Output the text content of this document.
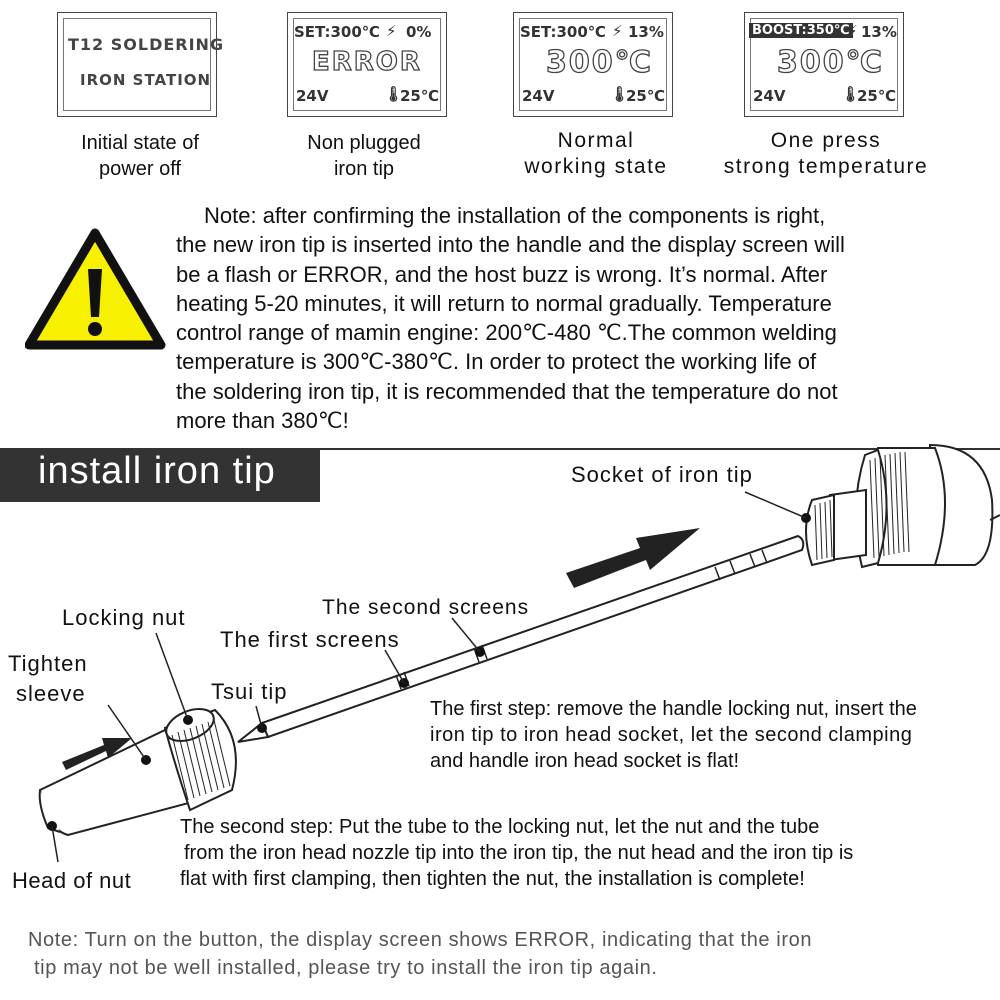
T12 SOLDERING
IRON STATION
Initial state of
power off
SET:300℃ ⚡ 0%
ERROR
24V	🌡
25℃
Non plugged
iron tip
SET:300℃ ⚡ 13%
300℃
24V	🌡
25℃
Normal
working state
BOOST:350℃
⚡ 13%
300℃
24V	🌡
25℃
One press
strong temperature
Note: after confirming the installation of the components is right,
the new iron tip is inserted into the handle and the display screen will
be a flash or ERROR, and the host buzz is wrong. It’s normal. After
heating 5-20 minutes, it will return to normal gradually. Temperature
control range of mamin engine: 200℃-480 ℃.The common welding
temperature is 300℃-380℃. In order to protect the working life of
the soldering iron tip, it is recommended that the temperature do not
more than 380℃!
install iron tip	Socket of iron tip
The second screens
Locking nut
The first screens
Tighten
sleeve	Tsui tip
Head of nut
The first step: remove the handle locking nut, insert the
iron tip to iron head socket, let the second clamping
and handle iron head socket is flat!
The second step: Put the tube to the locking nut, let the nut and the tube
from the iron head nozzle tip into the iron tip, the nut head and the iron tip is
flat with first clamping, then tighten the nut, the installation is complete!
Note: Turn on the button, the display screen shows ERROR, indicating that the iron
tip may not be well installed, please try to install the iron tip again.
